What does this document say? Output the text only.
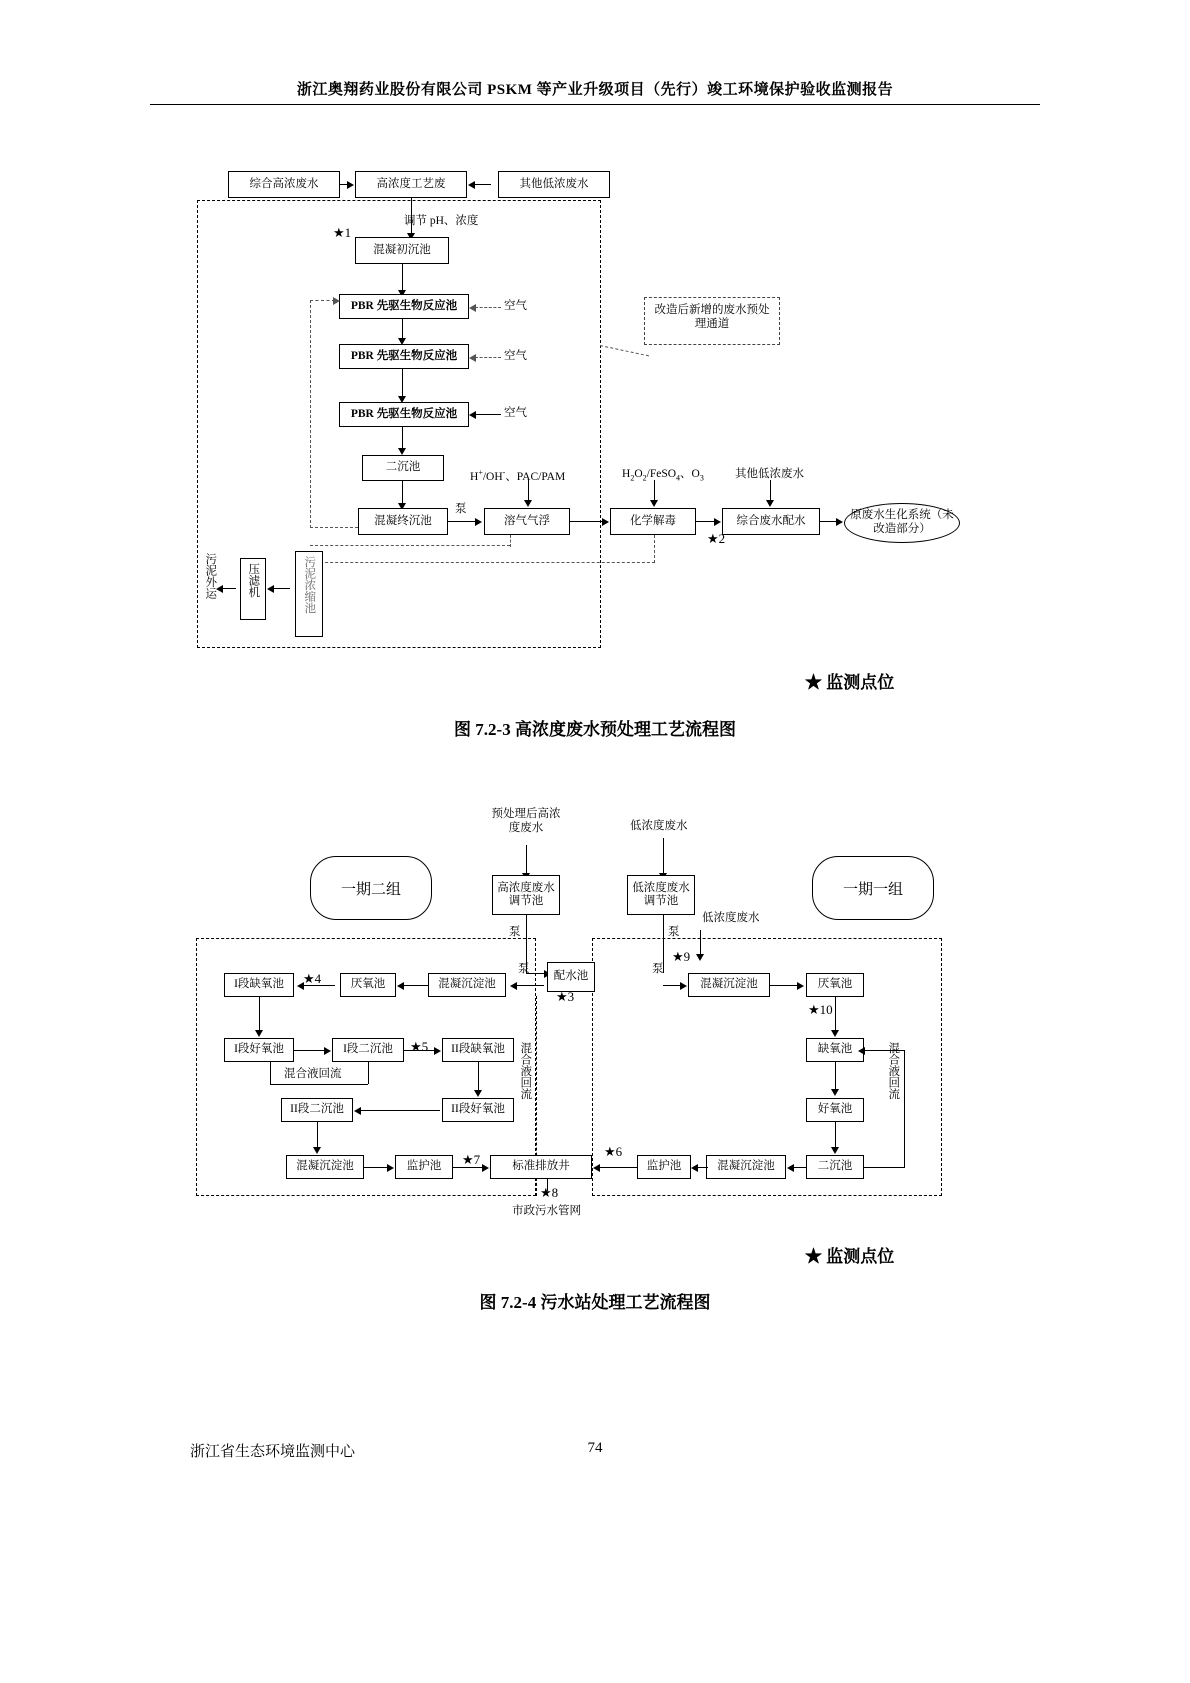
浙江奥翔药业股份有限公司 PSKM 等产业升级项目（先行）竣工环境保护验收监测报告
综合高浓废水	高浓度工艺废	其他低浓废水
调节 pH、浓度
★1
混凝初沉池
PBR 先驱生物反应池
PBR 先驱生物反应池
PBR 先驱生物反应池
空气
空气
空气
改造后新增的废水预处理通道
二沉池
混凝终沉池	溶气气浮	化学解毒	综合废水配水	原废水生化系统（未改造部分）
泵
★2
H+/OH-、PAC/PAM	$H_2O_2/FeSO_4$、$O_3$	其他低浓废水
污泥浓缩池
压滤机
污泥外运
★ 监测点位
图 7.2-3 高浓度废水预处理工艺流程图
预处理后高浓度废水	低浓度废水
一期二组	一期一组
高浓度废水调节池
低浓度废水调节池
低浓度废水
泵	泵
★9
配水池
★3
I段缺氧池	★4	厌氧池	混凝沉淀池
泵
I段好氧池	I段二沉池	★5	II段缺氧池
混合液回流
II段二沉池	II段好氧池
混合液回流
混凝沉淀池	监护池	★7	标准排放井
★6
★8
市政污水管网
混凝沉淀池	厌氧池
泵
★10
缺氧池
好氧池
混合液回流
二沉池
混凝沉淀池
监护池
★ 监测点位
图 7.2-4 污水站处理工艺流程图
浙江省生态环境监测中心	74
